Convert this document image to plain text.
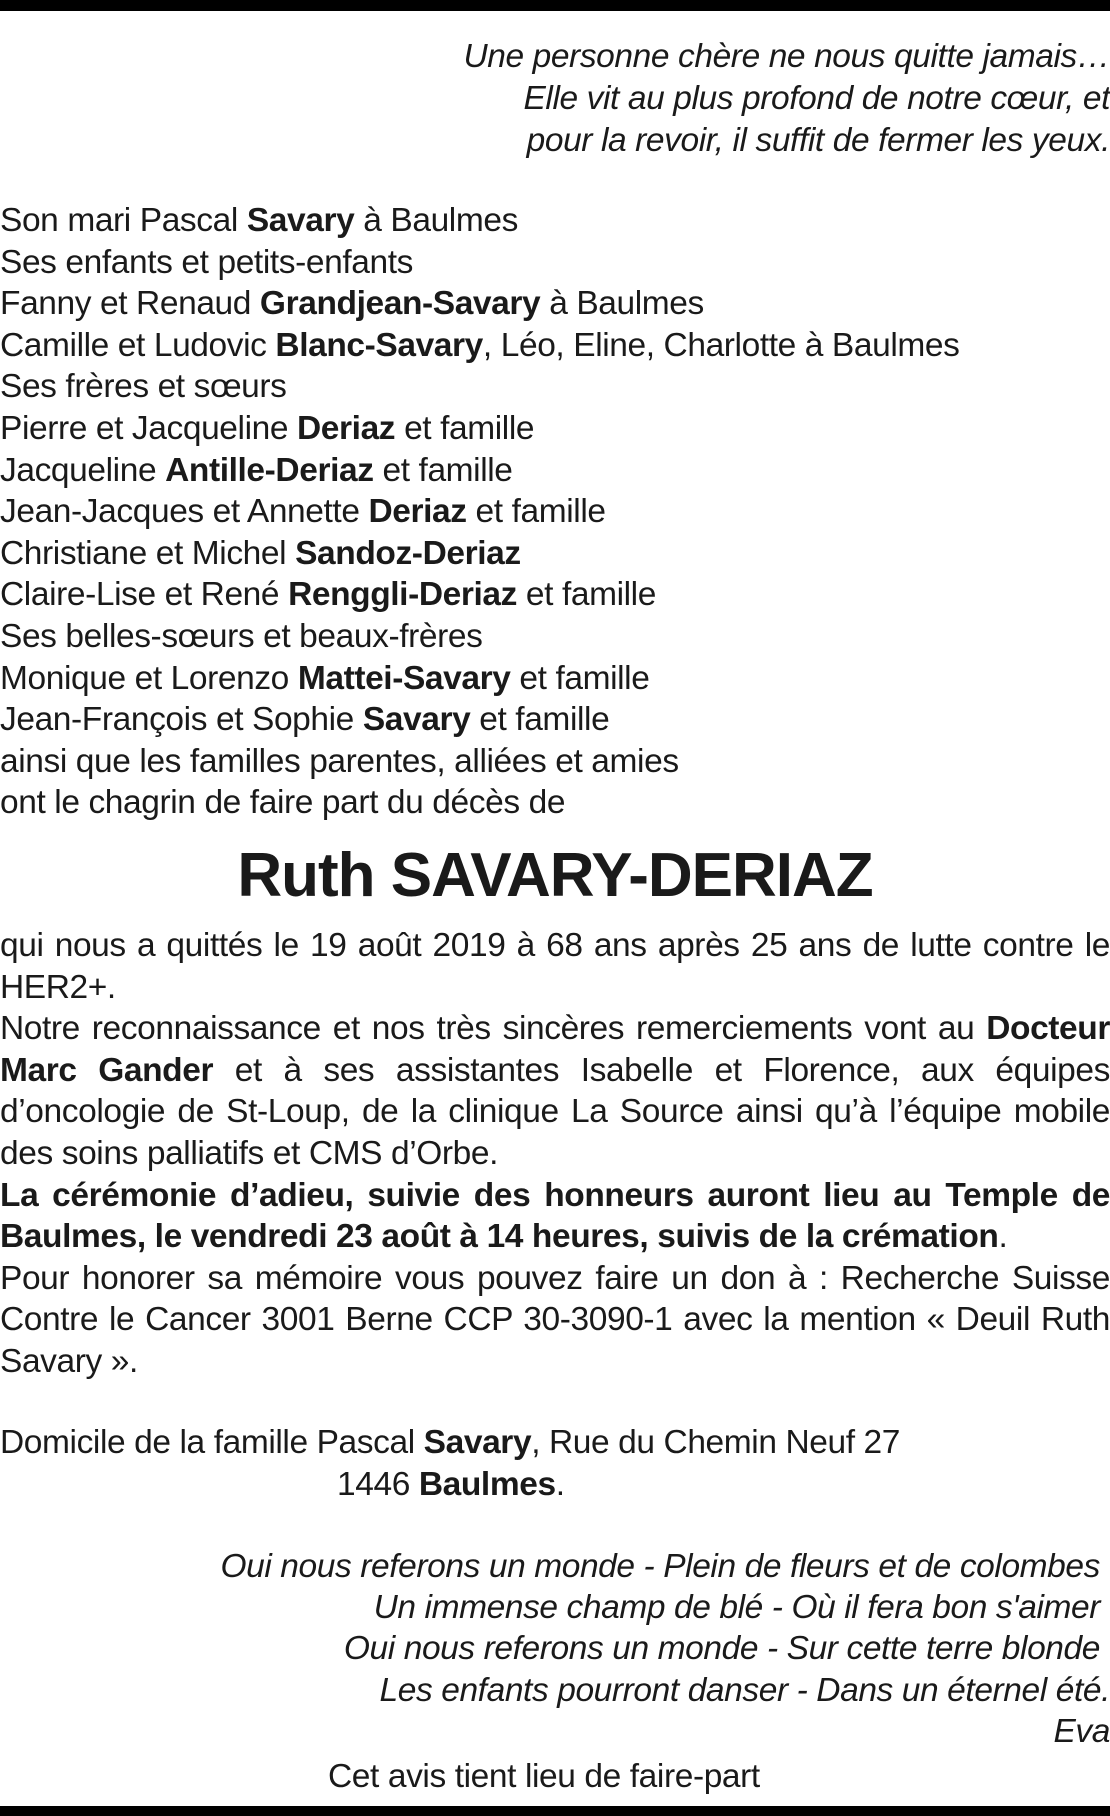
Une personne chère ne nous quitte jamais…
Elle vit au plus profond de notre cœur, et
pour la revoir, il suffit de fermer les yeux.
Son mari Pascal Savary à Baulmes
Ses enfants et petits-enfants
Fanny et Renaud Grandjean-Savary à Baulmes
Camille et Ludovic Blanc-Savary, Léo, Eline, Charlotte à Baulmes
Ses frères et sœurs
Pierre et Jacqueline Deriaz et famille
Jacqueline Antille-Deriaz et famille
Jean-Jacques et Annette Deriaz et famille
Christiane et Michel Sandoz-Deriaz
Claire-Lise et René Renggli-Deriaz et famille
Ses belles-sœurs et beaux-frères
Monique et Lorenzo Mattei-Savary et famille
Jean-François et Sophie Savary et famille
ainsi que les familles parentes, alliées et amies
ont le chagrin de faire part du décès de
Ruth SAVARY-DERIAZ

qui nous a quittés le 19 août 2019 à 68 ans après 25 ans de lutte contre le HER2+.

Notre reconnaissance et nos très sincères remerciements vont au Docteur Marc Gander et à ses assistantes Isabelle et Florence, aux équipes d’oncologie de St-Loup, de la clinique La Source ainsi qu’à l’équipe mobile des soins palliatifs et CMS d’Orbe.

La cérémonie d’adieu, suivie des honneurs auront lieu au Temple de Baulmes, le vendredi 23 août à 14 heures, suivis de la crémation.

Pour honorer sa mémoire vous pouvez faire un don à : Recherche Suisse Contre le Cancer 3001 Berne CCP 30-3090-1 avec la mention « Deuil Ruth Savary ».

Domicile de la famille Pascal Savary, Rue du Chemin Neuf 27
1446 Baulmes.
Oui nous referons un monde - Plein de fleurs et de colombes
Un immense champ de blé - Où il fera bon s'aimer
Oui nous referons un monde - Sur cette terre blonde
Les enfants pourront danser - Dans un éternel été.
Eva
Cet avis tient lieu de faire-part
